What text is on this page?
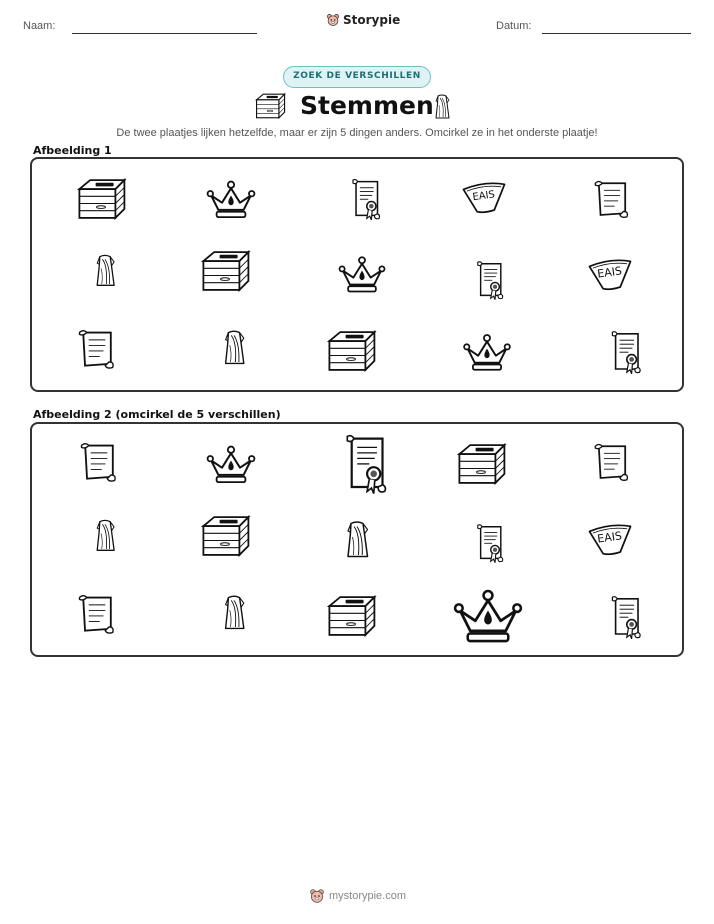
Naam:	Storypie	Datum:
ZOEK DE VERSCHILLEN
Stemmen
De twee plaatjes lijken hetzelfde, maar er zijn 5 dingen anders. Omcirkel ze in het onderste plaatje!
Afbeelding 1
EAIS
EAIS
Afbeelding 2 (omcirkel de 5 verschillen)
EAIS
mystorypie.com
